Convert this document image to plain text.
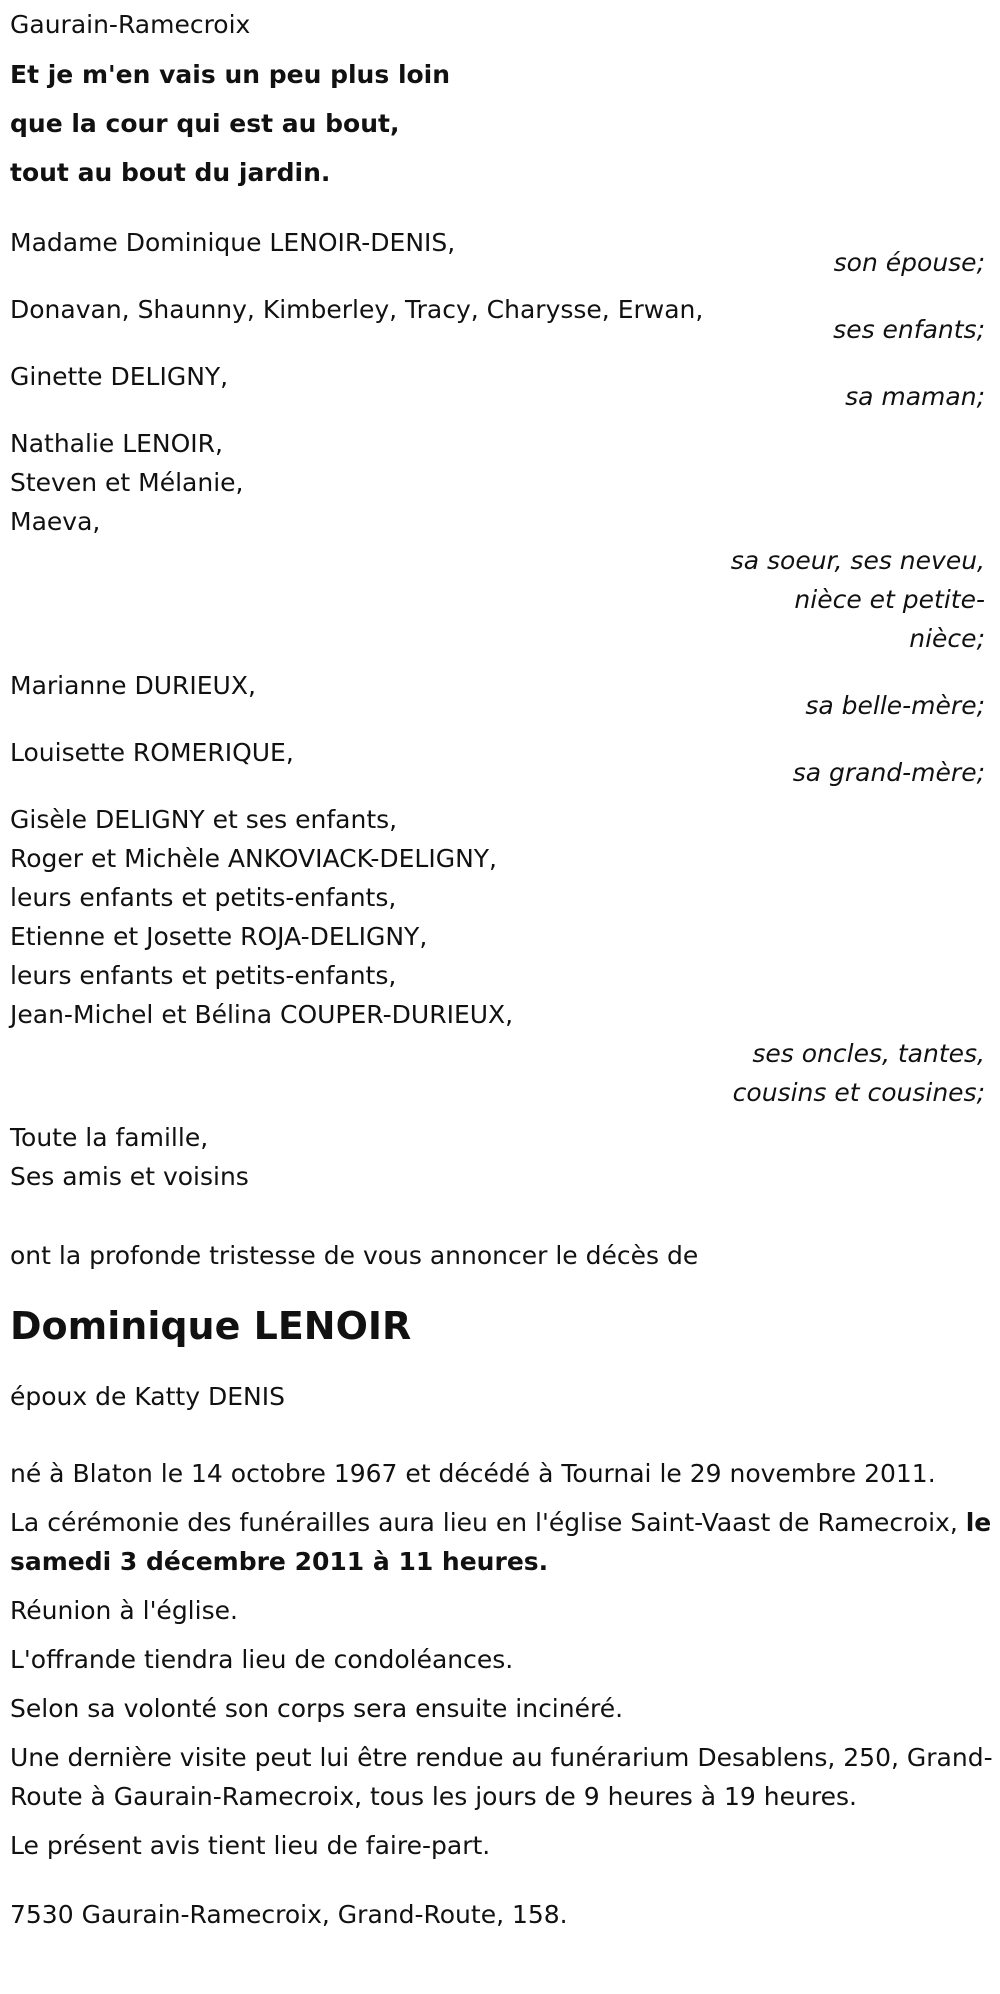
Gaurain-Ramecroix
Et je m'en vais un peu plus loin
que la cour qui est au bout,
tout au bout du jardin.
Madame Dominique LENOIR-DENIS,
son épouse;
Donavan, Shaunny, Kimberley, Tracy, Charysse, Erwan,
ses enfants;
Ginette DELIGNY,
sa maman;
Nathalie LENOIR,
Steven et Mélanie,
Maeva,
sa soeur, ses neveu,
nièce et petite-
nièce;
Marianne DURIEUX,
sa belle-mère;
Louisette ROMERIQUE,
sa grand-mère;
Gisèle DELIGNY et ses enfants,
Roger et Michèle ANKOVIACK-DELIGNY,
leurs enfants et petits-enfants,
Etienne et Josette ROJA-DELIGNY,
leurs enfants et petits-enfants,
Jean-Michel et Bélina COUPER-DURIEUX,
ses oncles, tantes,
cousins et cousines;
Toute la famille,
Ses amis et voisins
ont la profonde tristesse de vous annoncer le décès de
Dominique LENOIR
époux de Katty DENIS

né à Blaton le 14 octobre 1967 et décédé à Tournai le 29 novembre 2011.

La cérémonie des funérailles aura lieu en l'église Saint-Vaast de Ramecroix, le samedi 3 décembre 2011 à 11 heures.

Réunion à l'église.

L'offrande tiendra lieu de condoléances.

Selon sa volonté son corps sera ensuite incinéré.

Une dernière visite peut lui être rendue au funérarium Desablens, 250, Grand-Route à Gaurain-Ramecroix, tous les jours de 9 heures à 19 heures.

Le présent avis tient lieu de faire-part.

7530 Gaurain-Ramecroix, Grand-Route, 158.
